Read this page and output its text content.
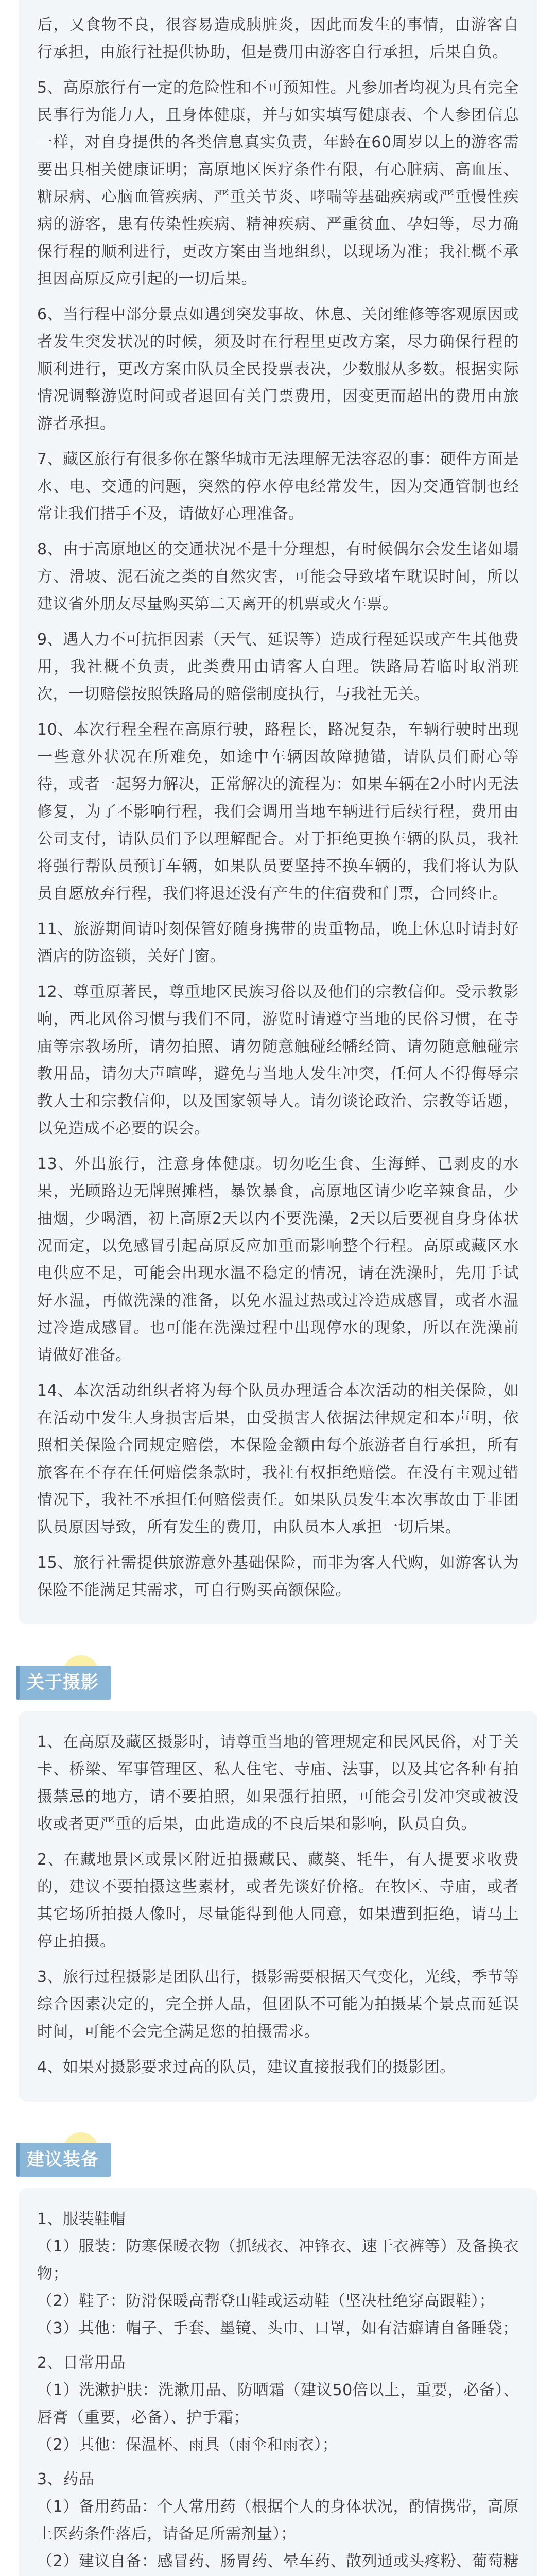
后，又食物不良，很容易造成胰脏炎，因此而发生的事情，由游客自行承担，由旅行社提供协助，但是费用由游客自行承担，后果自负。

5、高原旅行有一定的危险性和不可预知性。凡参加者均视为具有完全民事行为能力人，且身体健康，并与如实填写健康表、个人参团信息一样，对自身提供的各类信息真实负责，年龄在60周岁以上的游客需要出具相关健康证明；高原地区医疗条件有限，有心脏病、高血压、糖尿病、心脑血管疾病、严重关节炎、哮喘等基础疾病或严重慢性疾病的游客，患有传染性疾病、精神疾病、严重贫血、孕妇等，尽力确保行程的顺利进行，更改方案由当地组织，以现场为准；我社概不承担因高原反应引起的一切后果。

6、当行程中部分景点如遇到突发事故、休息、关闭维修等客观原因或者发生突发状况的时候，须及时在行程里更改方案，尽力确保行程的顺利进行，更改方案由队员全民投票表决，少数服从多数。根据实际情况调整游览时间或者退回有关门票费用，因变更而超出的费用由旅游者承担。

7、藏区旅行有很多你在繁华城市无法理解无法容忍的事：硬件方面是水、电、交通的问题，突然的停水停电经常发生，因为交通管制也经常让我们措手不及，请做好心理准备。

8、由于高原地区的交通状况不是十分理想，有时候偶尔会发生诸如塌方、滑坡、泥石流之类的自然灾害，可能会导致堵车耽误时间，所以建议省外朋友尽量购买第二天离开的机票或火车票。

9、遇人力不可抗拒因素（天气、延误等）造成行程延误或产生其他费用，我社概不负责，此类费用由请客人自理。铁路局若临时取消班次，一切赔偿按照铁路局的赔偿制度执行，与我社无关。

10、本次行程全程在高原行驶，路程长，路况复杂，车辆行驶时出现一些意外状况在所难免，如途中车辆因故障抛锚，请队员们耐心等待，或者一起努力解决，正常解决的流程为：如果车辆在2小时内无法修复，为了不影响行程，我们会调用当地车辆进行后续行程，费用由公司支付，请队员们予以理解配合。对于拒绝更换车辆的队员，我社将强行帮队员预订车辆，如果队员要坚持不换车辆的，我们将认为队员自愿放弃行程，我们将退还没有产生的住宿费和门票，合同终止。

11、旅游期间请时刻保管好随身携带的贵重物品，晚上休息时请封好酒店的防盗锁，关好门窗。

12、尊重原著民，尊重地区民族习俗以及他们的宗教信仰。受示教影响，西北风俗习惯与我们不同，游览时请遵守当地的民俗习惯，在寺庙等宗教场所，请勿拍照、请勿随意触碰经幡经筒、请勿随意触碰宗教用品，请勿大声喧哗，避免与当地人发生冲突，任何人不得侮辱宗教人士和宗教信仰，以及国家领导人。请勿谈论政治、宗教等话题，以免造成不必要的误会。

13、外出旅行，注意身体健康。切勿吃生食、生海鲜、已剥皮的水果，光顾路边无牌照摊档，暴饮暴食，高原地区请少吃辛辣食品，少抽烟，少喝酒，初上高原2天以内不要洗澡，2天以后要视自身身体状况而定，以免感冒引起高原反应加重而影响整个行程。高原或藏区水电供应不足，可能会出现水温不稳定的情况，请在洗澡时，先用手试好水温，再做洗澡的准备，以免水温过热或过冷造成感冒，或者水温过冷造成感冒。也可能在洗澡过程中出现停水的现象，所以在洗澡前请做好准备。

14、本次活动组织者将为每个队员办理适合本次活动的相关保险，如在活动中发生人身损害后果，由受损害人依据法律规定和本声明，依照相关保险合同规定赔偿，本保险金额由每个旅游者自行承担，所有旅客在不存在任何赔偿条款时，我社有权拒绝赔偿。在没有主观过错情况下，我社不承担任何赔偿责任。如果队员发生本次事故由于非团队员原因导致，所有发生的费用，由队员本人承担一切后果。

15、旅行社需提供旅游意外基础保险，而非为客人代购，如游客认为保险不能满足其需求，可自行购买高额保险。

关于摄影

1、在高原及藏区摄影时，请尊重当地的管理规定和民风民俗，对于关卡、桥梁、军事管理区、私人住宅、寺庙、法事，以及其它各种有拍摄禁忌的地方，请不要拍照，如果强行拍照，可能会引发冲突或被没收或者更严重的后果，由此造成的不良后果和影响，队员自负。

2、在藏地景区或景区附近拍摄藏民、藏獒、牦牛，有人提要求收费的，建议不要拍摄这些素材，或者先谈好价格。在牧区、寺庙，或者其它场所拍摄人像时，尽量能得到他人同意，如果遭到拒绝，请马上停止拍摄。

3、旅行过程摄影是团队出行，摄影需要根据天气变化，光线，季节等综合因素决定的，完全拼人品，但团队不可能为拍摄某个景点而延误时间，可能不会完全满足您的拍摄需求。

4、如果对摄影要求过高的队员，建议直接报我们的摄影团。

建议装备

1、服装鞋帽

（1）服装：防寒保暖衣物（抓绒衣、冲锋衣、速干衣裤等）及备换衣物；

（2）鞋子：防滑保暖高帮登山鞋或运动鞋（坚决杜绝穿高跟鞋）；

（3）其他：帽子、手套、墨镜、头巾、口罩，如有洁癖请自备睡袋；

2、日常用品

（1）洗漱护肤：洗漱用品、防晒霜（建议50倍以上，重要，必备）、唇膏（重要，必备）、护手霜；

（2）其他：保温杯、雨具（雨伞和雨衣）；

3、药品

（1）备用药品：个人常用药（根据个人的身体状况，酌情携带，高原上医药条件落后，请备足所需剂量）；

（2）建议自备：感冒药、肠胃药、晕车药、散列通或头疼粉、葡萄糖
